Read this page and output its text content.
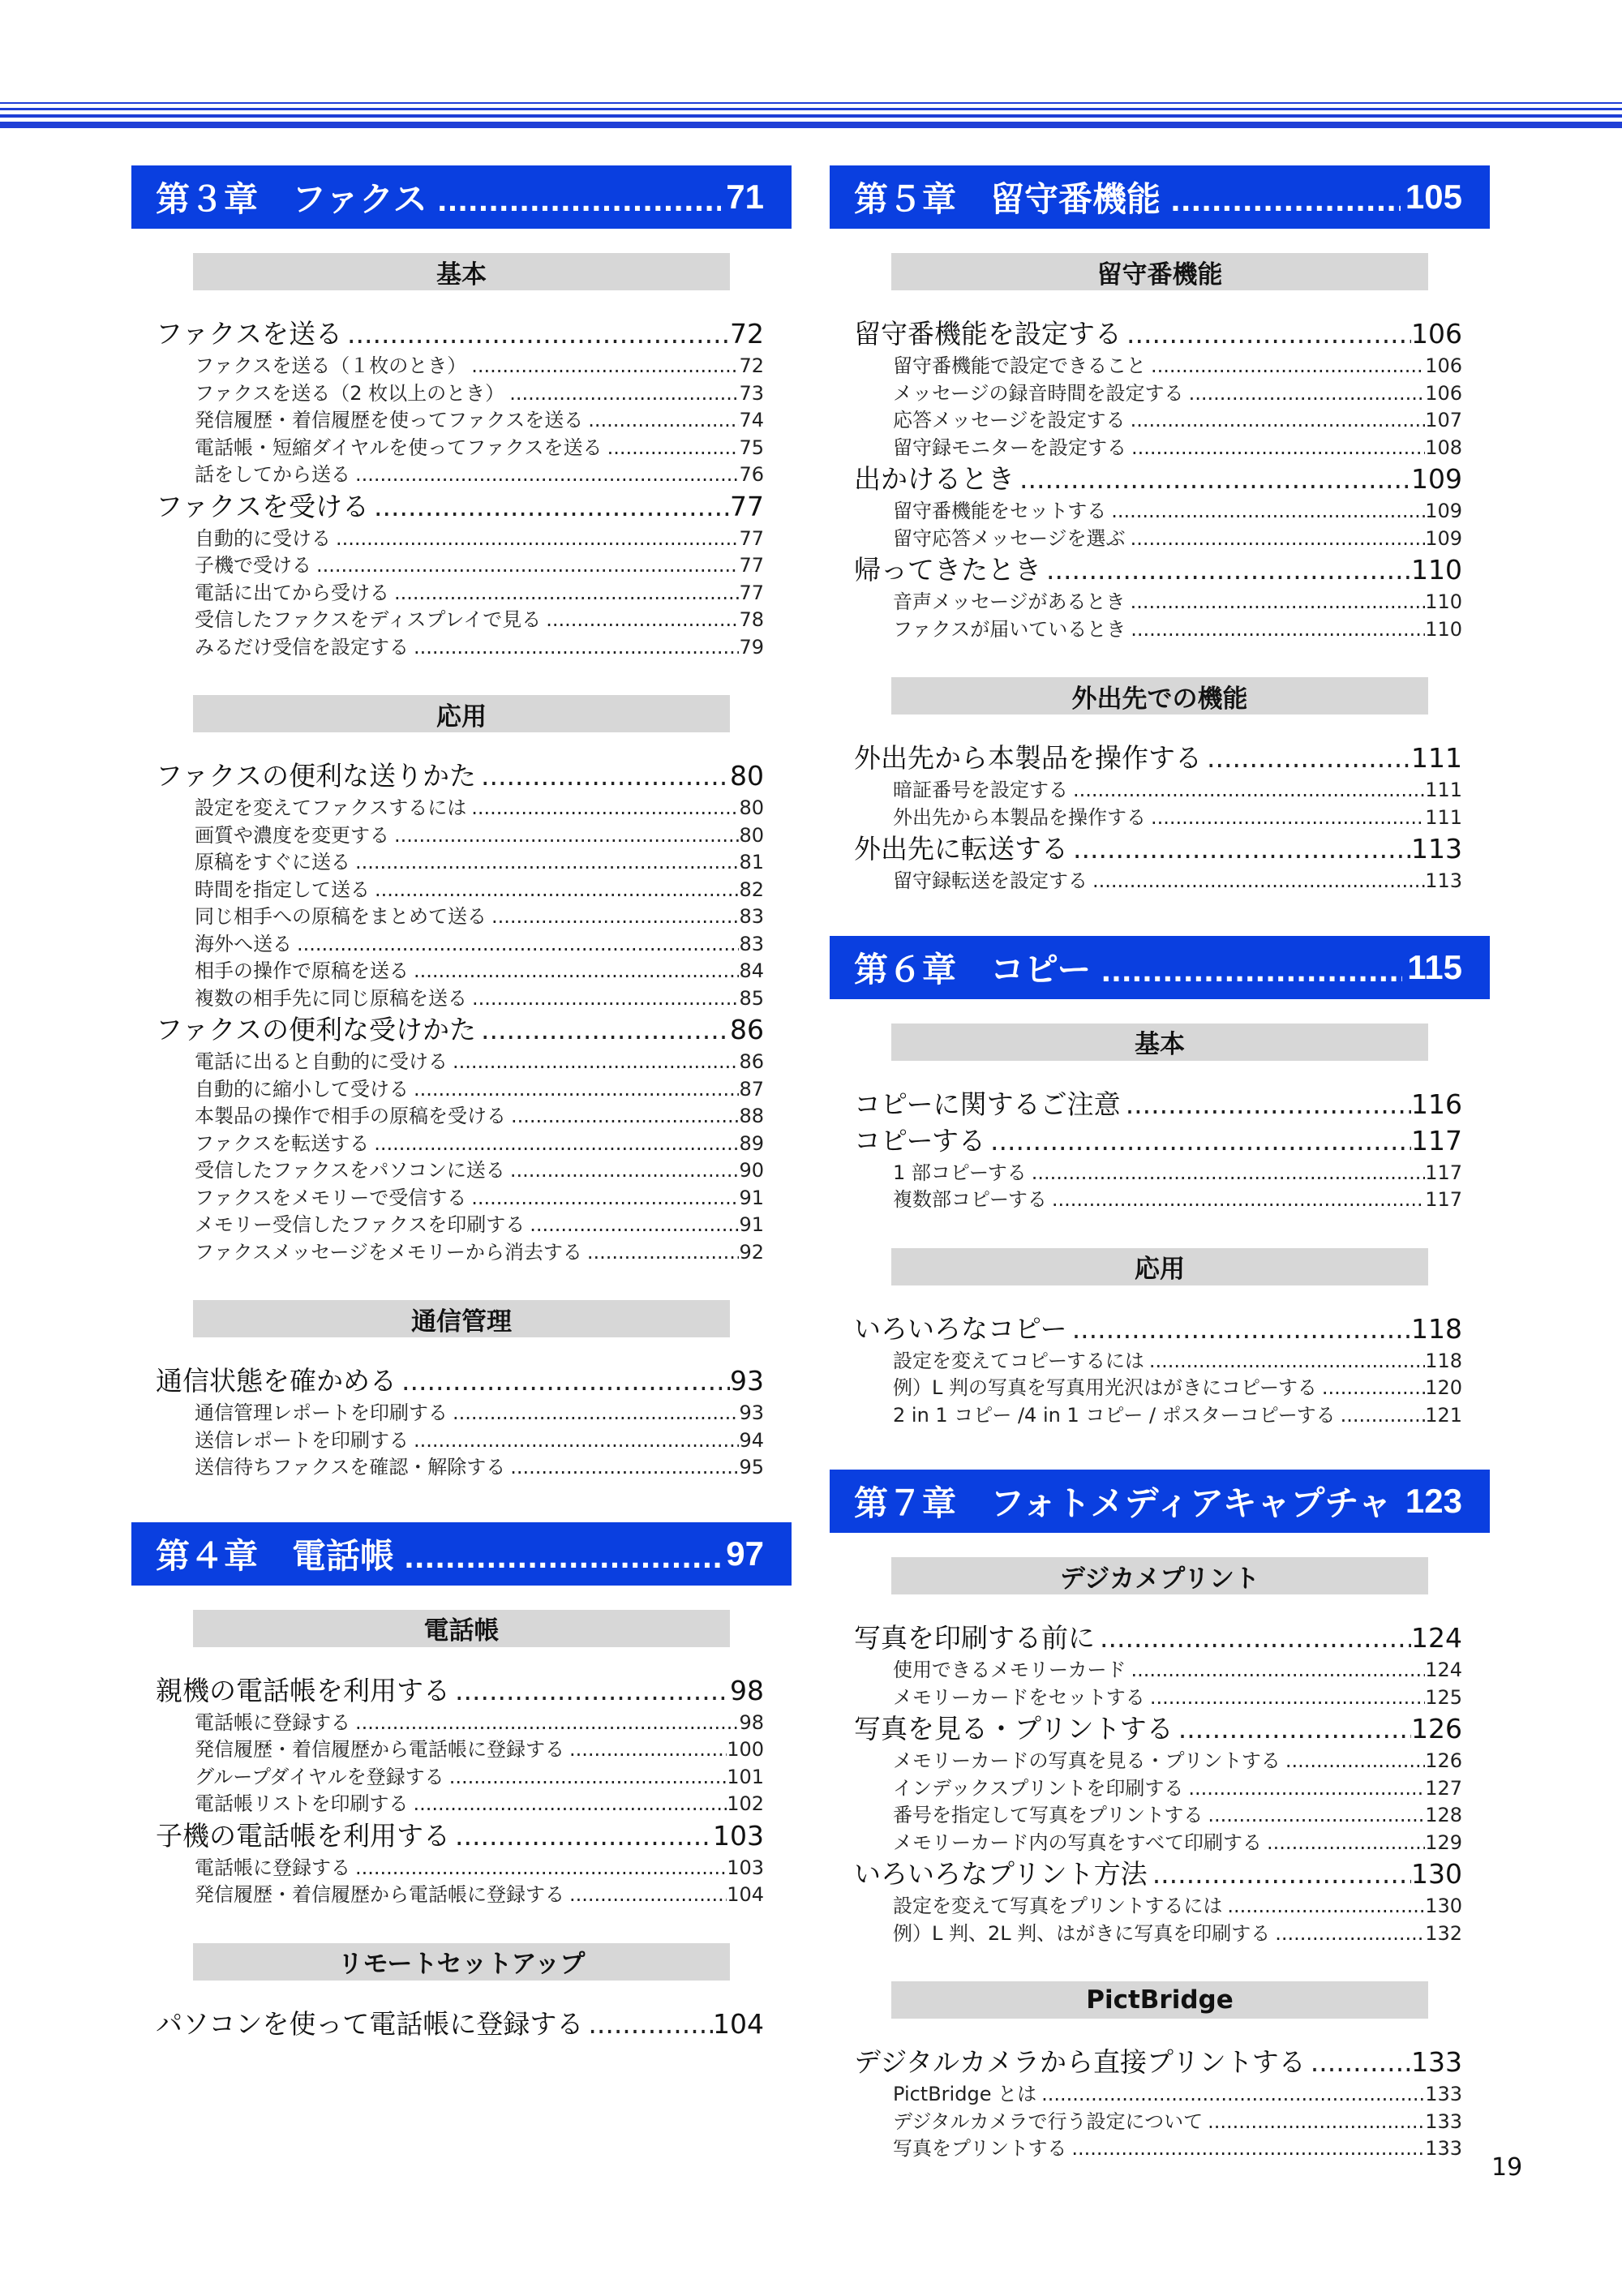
第３章　ファクス .....	71
基本
ファクスを送る .....	72
ファクスを送る（１枚のとき） .....	72
ファクスを送る（2 枚以上のとき） .....	73
発信履歴・着信履歴を使ってファクスを送る .....	74
電話帳・短縮ダイヤルを使ってファクスを送る .....	75
話をしてから送る .....	76
ファクスを受ける .....	77
自動的に受ける .....	77
子機で受ける .....	77
電話に出てから受ける .....	77
受信したファクスをディスプレイで見る .....	78
みるだけ受信を設定する .....	79
応用
ファクスの便利な送りかた .....	80
設定を変えてファクスするには .....	80
画質や濃度を変更する .....	80
原稿をすぐに送る .....	81
時間を指定して送る .....	82
同じ相手への原稿をまとめて送る .....	83
海外へ送る .....	83
相手の操作で原稿を送る .....	84
複数の相手先に同じ原稿を送る .....	85
ファクスの便利な受けかた .....	86
電話に出ると自動的に受ける .....	86
自動的に縮小して受ける .....	87
本製品の操作で相手の原稿を受ける .....	88
ファクスを転送する .....	89
受信したファクスをパソコンに送る .....	90
ファクスをメモリーで受信する .....	91
メモリー受信したファクスを印刷する .....	91
ファクスメッセージをメモリーから消去する .....	92
通信管理
通信状態を確かめる .....	93
通信管理レポートを印刷する .....	93
送信レポートを印刷する .....	94
送信待ちファクスを確認・解除する .....	95
第４章　電話帳 .....	97
電話帳
親機の電話帳を利用する .....	98
電話帳に登録する .....	98
発信履歴・着信履歴から電話帳に登録する .....	100
グループダイヤルを登録する .....	101
電話帳リストを印刷する .....	102
子機の電話帳を利用する .....	103
電話帳に登録する .....	103
発信履歴・着信履歴から電話帳に登録する .....	104
リモートセットアップ
パソコンを使って電話帳に登録する .....	104
第５章　留守番機能 .....	105
留守番機能
留守番機能を設定する .....	106
留守番機能で設定できること .....	106
メッセージの録音時間を設定する .....	106
応答メッセージを設定する .....	107
留守録モニターを設定する .....	108
出かけるとき .....	109
留守番機能をセットする .....	109
留守応答メッセージを選ぶ .....	109
帰ってきたとき .....	110
音声メッセージがあるとき .....	110
ファクスが届いているとき .....	110
外出先での機能
外出先から本製品を操作する .....	111
暗証番号を設定する .....	111
外出先から本製品を操作する .....	111
外出先に転送する .....	113
留守録転送を設定する .....	113
第６章　コピー .....	115
基本
コピーに関するご注意 .....	116
コピーする .....	117
1 部コピーする .....	117
複数部コピーする .....	117
応用
いろいろなコピー .....	118
設定を変えてコピーするには .....	118
例）L 判の写真を写真用光沢はがきにコピーする .....	120
2 in 1 コピー /4 in 1 コピー / ポスターコピーする .....	121
第７章　フォトメディアキャプチャ 123
デジカメプリント
写真を印刷する前に .....	124
使用できるメモリーカード .....	124
メモリーカードをセットする .....	125
写真を見る・プリントする .....	126
メモリーカードの写真を見る・プリントする .....	126
インデックスプリントを印刷する .....	127
番号を指定して写真をプリントする .....	128
メモリーカード内の写真をすべて印刷する .....	129
いろいろなプリント方法 .....	130
設定を変えて写真をプリントするには .....	130
例）L 判、2L 判、はがきに写真を印刷する .....	132
PictBridge
デジタルカメラから直接プリントする .....	133
PictBridge とは .....	133
デジタルカメラで行う設定について .....	133
写真をプリントする .....	133
19
